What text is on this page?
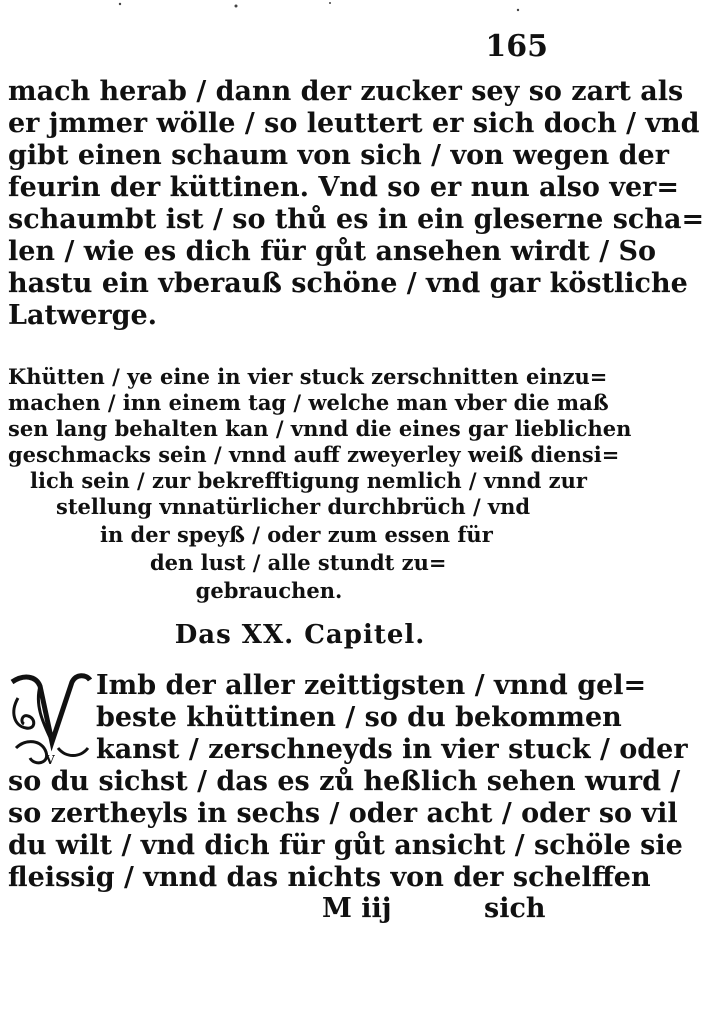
165
mach herab / dann der zucker sey so zart als
er jmmer wölle / so leuttert er sich doch / vnd
gibt einen schaum von sich / von wegen der
feurin der küttinen. Vnd so er nun also ver=
schaumbt ist / so thů es in ein gleserne scha=
len / wie es dich für gůt ansehen wirdt / So
hastu ein vberauß schöne / vnd gar köstliche
Latwerge.
Khütten / ye eine in vier stuck zerschnitten einzu=
machen / inn einem tag / welche man vber die maß
sen lang behalten kan / vnnd die eines gar lieblichen
geschmacks sein / vnnd auff zweyerley weiß diensi=
lich sein / zur bekrefftigung nemlich / vnnd zur
stellung vnnatürlicher durchbrüch / vnd
in der speyß / oder zum essen für
den lust / alle stundt zu=
gebrauchen.
Das XX. Capitel.
V
Imb der aller zeittigsten / vnnd gel=
beste khüttinen / so du bekommen
kanst / zerschneyds in vier stuck / oder
so du sichst / das es zů heßlich sehen wurd /
so zertheyls in sechs / oder acht / oder so vil
du wilt / vnd dich für gůt ansicht / schöle sie
fleissig / vnnd das nichts von der schelffen
M iij	sich
